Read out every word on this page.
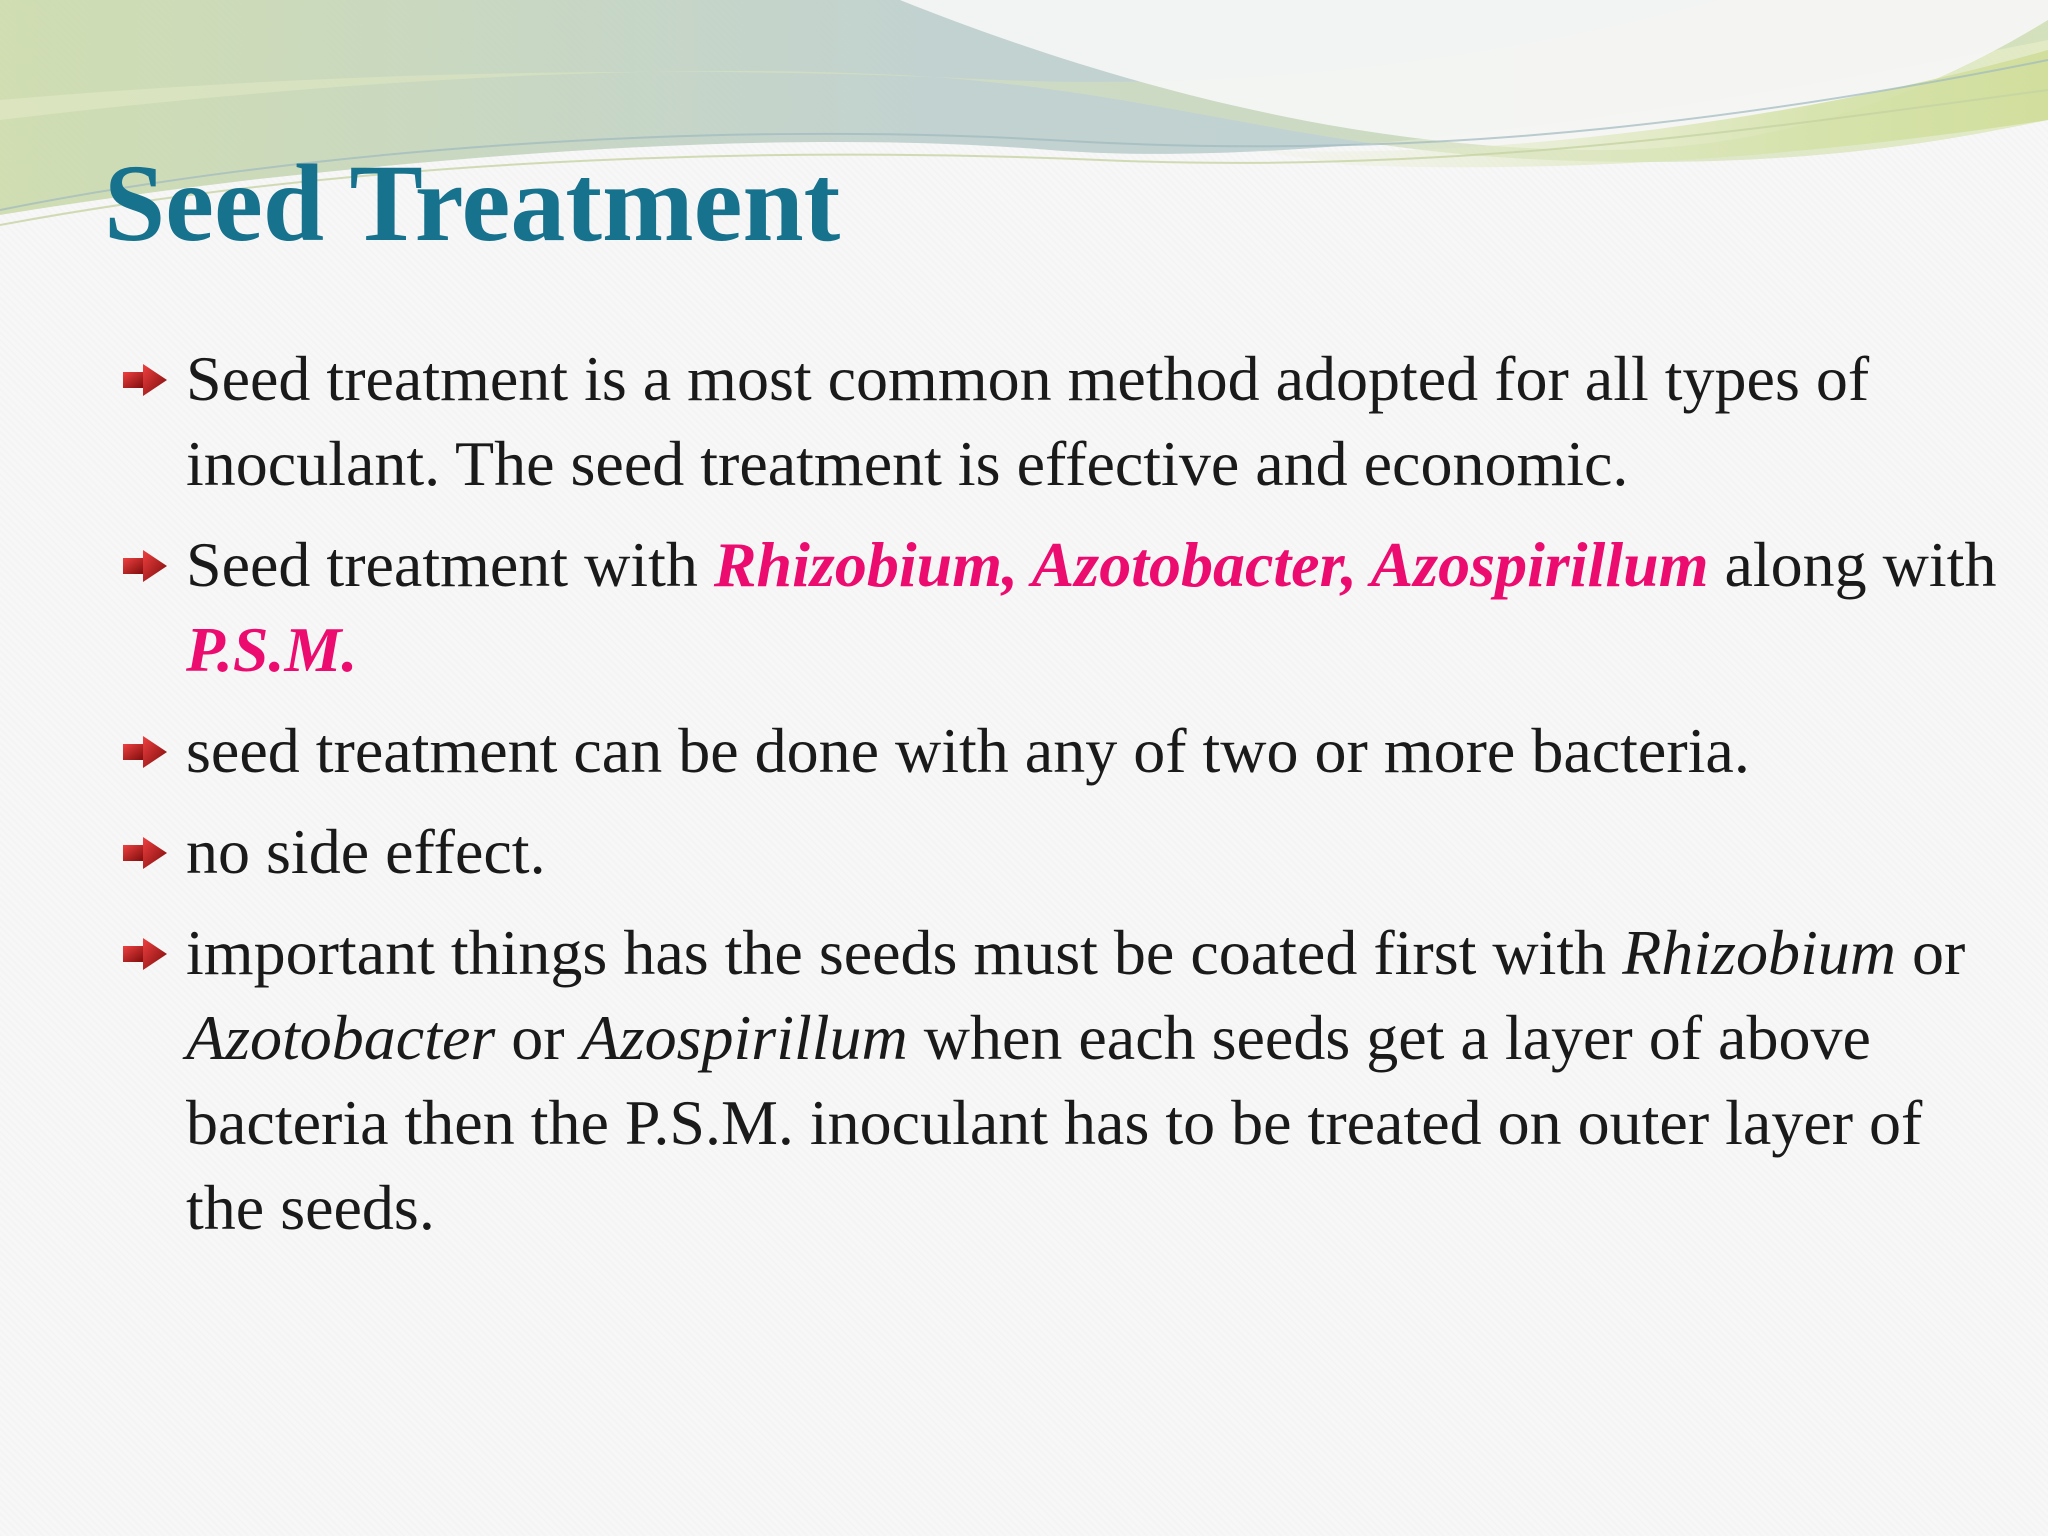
Seed Treatment
Seed treatment is a most common method adopted for all types of inoculant. The seed treatment is effective and economic.
Seed treatment with Rhizobium, Azotobacter, Azospirillum along with P.S.M.
seed treatment can be done with any of two or more bacteria.
no side effect.
important things has the seeds must be coated first with Rhizobium or Azotobacter or Azospirillum when each seeds get a layer of above bacteria then the P.S.M. inoculant has to be treated on outer layer of the seeds.
